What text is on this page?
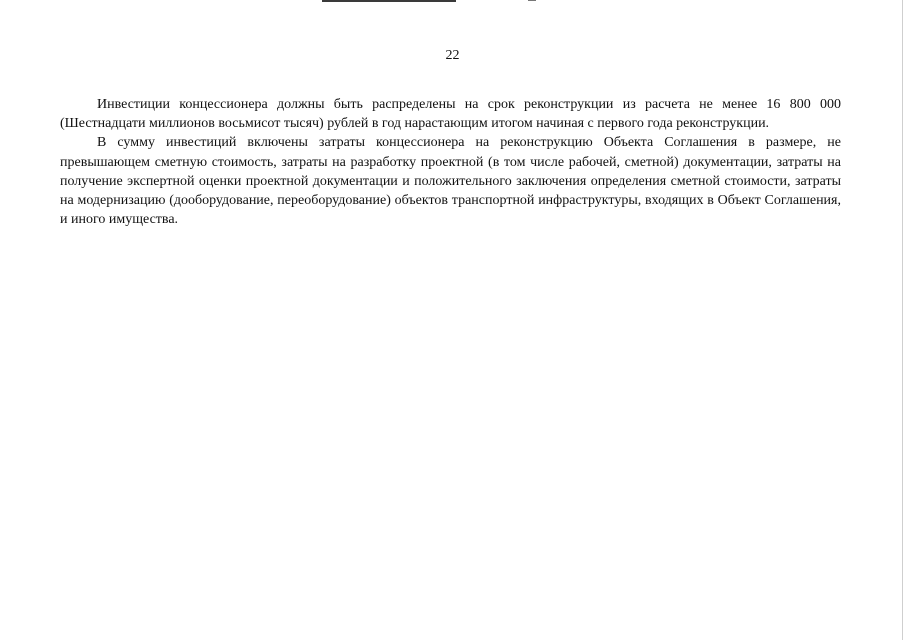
22

Инвестиции концессионера должны быть распределены на срок реконструкции из расчета не менее 16 800 000 (Шестнадцати миллионов восьмисот тысяч) рублей в год нарастающим итогом начиная с первого года реконструкции.

В сумму инвестиций включены затраты концессионера на реконструкцию Объекта Соглашения в размере, не превышающем сметную стоимость, затраты на разработку проектной (в том числе рабочей, сметной) документации, затраты на получение экспертной оценки проектной документации и положительного заключения определения сметной стоимости, затраты на модернизацию (дооборудование, переоборудование) объектов транспортной инфраструктуры, входящих в Объект Соглашения, и иного имущества.
